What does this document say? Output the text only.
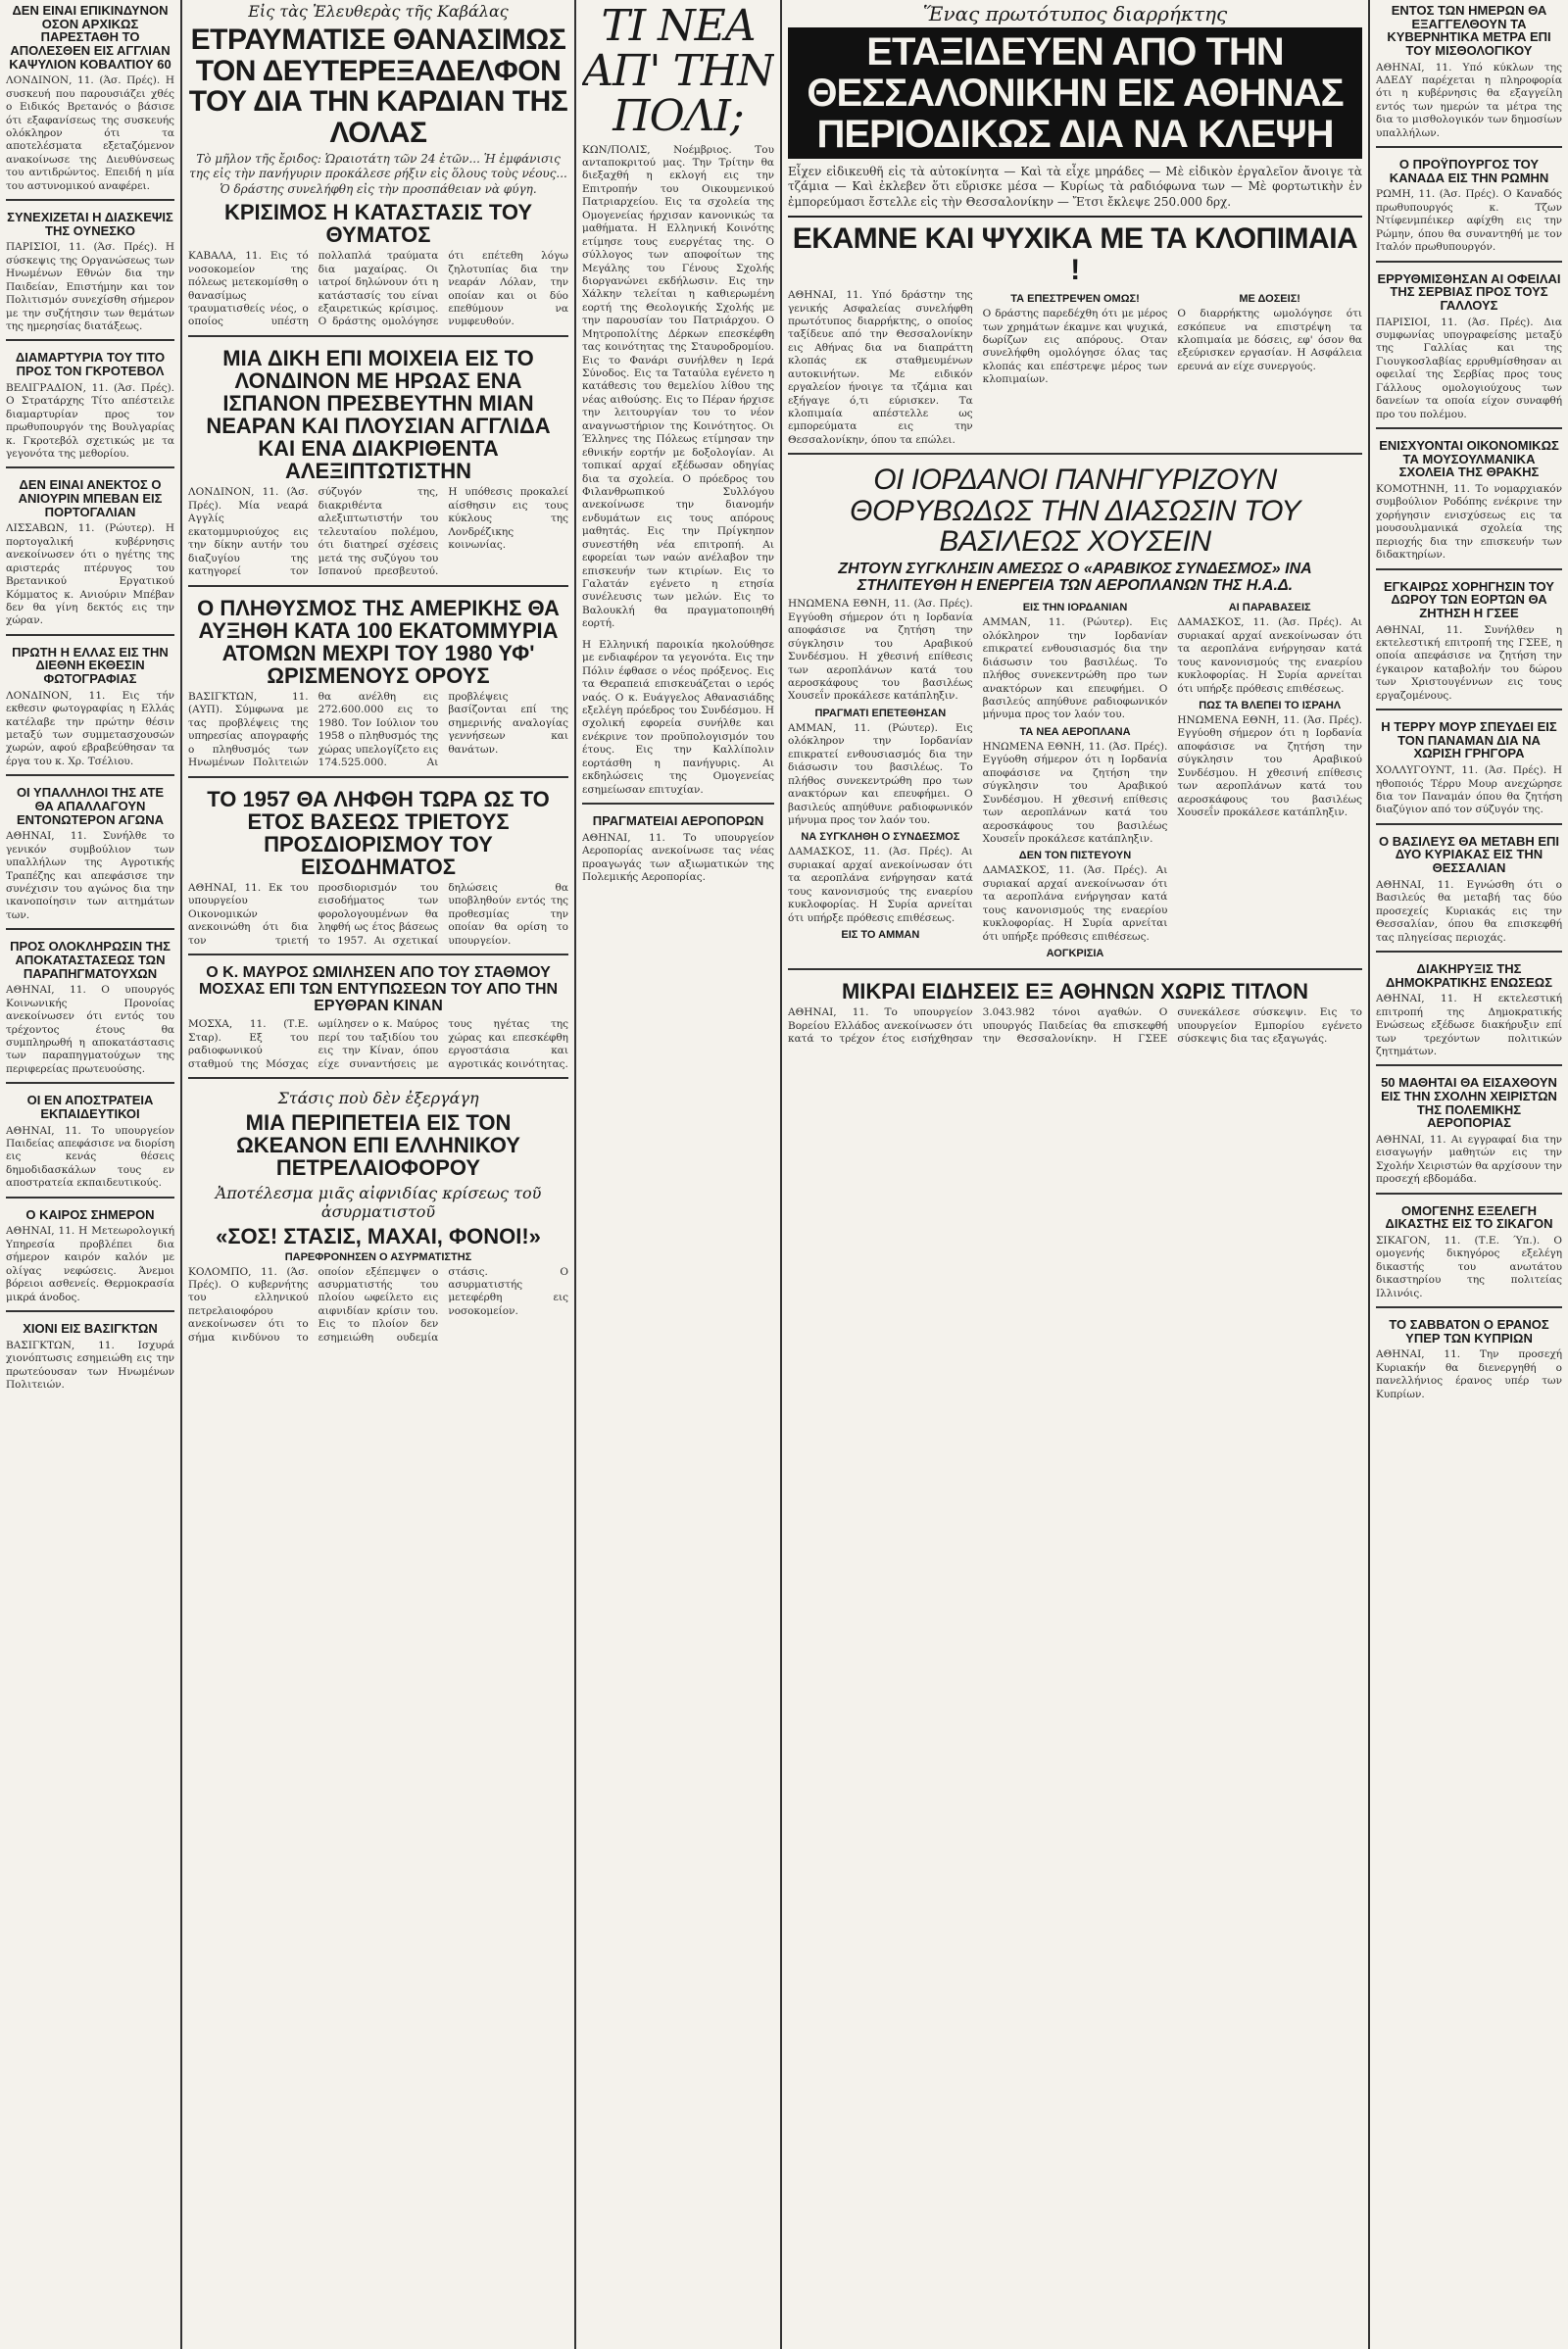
ΔΕΝ ΕΙΝΑΙ ΕΠΙΚΙΝΔΥΝΟΝ ΟΣΟΝ ΑΡΧΙΚΩΣ ΠΑΡΕΣΤΑΘΗ ΤΟ ΑΠΟΛΕΣΘΕΝ ΕΙΣ ΑΓΓΛΙΑΝ ΚΑΨΥΛΙΟΝ ΚΟΒΑΛΤΙΟΥ 60

ΛΟΝΔΙΝΟΝ, 11. (Άσ. Πρές). Η συσκευή που παρουσιάζει χθές ο Ειδικός Βρετανός ο βάσισε ότι εξαφανίσεως της συσκευής ολόκληρον ότι τα αποτελέσματα εξεταζόμενον ανακοίνωσε της Διευθύνσεως του αντιδρώντος. Επειδή η μία του αστυνομικού αναφέρει.

ΣΥΝΕΧΙΖΕΤΑΙ Η ΔΙΑΣΚΕΨΙΣ ΤΗΣ ΟΥΝΕΣΚΟ

ΠΑΡΙΣΙΟΙ, 11. (Άσ. Πρές). Η σύσκεψις της Οργανώσεως των Ηνωμένων Εθνών δια την Παιδείαν, Επιστήμην και τον Πολιτισμόν συνεχίσθη σήμερον με την συζήτησιν των θεμάτων της ημερησίας διατάξεως.

ΔΙΑΜΑΡΤΥΡΙΑ ΤΟΥ ΤΙΤΟ ΠΡΟΣ ΤΟΝ ΓΚΡΟΤΕΒΟΛ

ΒΕΛΙΓΡΑΔΙΟΝ, 11. (Άσ. Πρές). Ο Στρατάρχης Τίτο απέστειλε διαμαρτυρίαν προς τον πρωθυπουργόν της Βουλγαρίας κ. Γκροτεβόλ σχετικώς με τα γεγονότα της μεθορίου.

ΔΕΝ ΕΙΝΑΙ ΑΝΕΚΤΟΣ Ο ΑΝΙΟΥΡΙΝ ΜΠΕΒΑΝ ΕΙΣ ΠΟΡΤΟΓΑΛΙΑΝ

ΛΙΣΣΑΒΩΝ, 11. (Ρώυτερ). Η πορτογαλική κυβέρνησις ανεκοίνωσεν ότι ο ηγέτης της αριστεράς πτέρυγος του Βρετανικού Εργατικού Κόμματος κ. Ανιούριν Μπέβαν δεν θα γίνη δεκτός εις την χώραν.

ΠΡΩΤΗ Η ΕΛΛΑΣ ΕΙΣ ΤΗΝ ΔΙΕΘΝΗ ΕΚΘΕΣΙΝ ΦΩΤΟΓΡΑΦΙΑΣ

ΛΟΝΔΙΝΟΝ, 11. Εις τήν εκθεσιν φωτογραφίας η Ελλάς κατέλαβε την πρώτην θέσιν μεταξύ των συμμετασχουσών χωρών, αφού εβραβεύθησαν τα έργα του κ. Χρ. Τσέλιου.

ΟΙ ΥΠΑΛΛΗΛΟΙ ΤΗΣ ΑΤΕ ΘΑ ΑΠΑΛΛΑΓΟΥΝ ΕΝΤΟΝΩΤΕΡΟΝ ΑΓΩΝΑ

ΑΘΗΝΑΙ, 11. Συνήλθε το γενικόν συμβούλιον των υπαλλήλων της Αγροτικής Τραπέζης και απεφάσισε την συνέχισιν του αγώνος δια την ικανοποίησιν των αιτημάτων των.

ΠΡΟΣ ΟΛΟΚΛΗΡΩΣΙΝ ΤΗΣ ΑΠΟΚΑΤΑΣΤΑΣΕΩΣ ΤΩΝ ΠΑΡΑΠΗΓΜΑΤΟΥΧΩΝ

ΑΘΗΝΑΙ, 11. Ο υπουργός Κοινωνικής Προνοίας ανεκοίνωσεν ότι εντός του τρέχοντος έτους θα συμπληρωθή η αποκατάστασις των παραπηγματούχων της περιφερείας πρωτευούσης.

ΟΙ ΕΝ ΑΠΟΣΤΡΑΤΕΙΑ ΕΚΠΑΙΔΕΥΤΙΚΟΙ

ΑΘΗΝΑΙ, 11. Το υπουργείον Παιδείας απεφάσισε να διορίση εις κενάς θέσεις δημοδιδασκάλων τους εν αποστρατεία εκπαιδευτικούς.

Ο ΚΑΙΡΟΣ ΣΗΜΕΡΟΝ

ΑΘΗΝΑΙ, 11. Η Μετεωρολογική Υπηρεσία προβλέπει δια σήμερον καιρόν καλόν με ολίγας νεφώσεις. Άνεμοι βόρειοι ασθενείς. Θερμοκρασία μικρά άνοδος.

ΧΙΟΝΙ ΕΙΣ ΒΑΣΙΓΚΤΩΝ

ΒΑΣΙΓΚΤΩΝ, 11. Ισχυρά χιονόπτωσις εσημειώθη εις την πρωτεύουσαν των Ηνωμένων Πολιτειών.

Εἰς τὰς Ἐλευθερὰς τῆς Καβάλας
ΕΤΡΑΥΜΑΤΙΣΕ ΘΑΝΑΣΙΜΩΣ ΤΟΝ ΔΕΥΤΕΡΕΞΑΔΕΛΦΟΝ ΤΟΥ ΔΙΑ ΤΗΝ ΚΑΡΔΙΑΝ ΤΗΣ ΛΟΛΑΣ

Τὸ μῆλον τῆς ἔριδος: Ὡραιοτάτη τῶν 24 ἐτῶν... Ἡ ἐμφάνισις της εἰς τὴν πανήγυριν προκάλεσε ρήξιν εἰς ὅλους τοὺς νέους... Ὁ δράστης συνελήφθη εἰς τὴν προσπάθειαν νὰ φύγη.

ΚΡΙΣΙΜΟΣ Η ΚΑΤΑΣΤΑΣΙΣ ΤΟΥ ΘΥΜΑΤΟΣ

ΚΑΒΑΛΑ, 11. Εις τό νοσοκομείον της πόλεως μετεκομίσθη ο θανασίμως τραυματισθείς νέος, ο οποίος υπέστη πολλαπλά τραύματα δια μαχαίρας. Οι ιατροί δηλώνουν ότι η κατάστασίς του είναι εξαιρετικώς κρίσιμος. Ο δράστης ομολόγησε ότι επέτεθη λόγω ζηλοτυπίας δια την νεαράν Λόλαν, την οποίαν και οι δύο επεθύμουν να νυμφευθούν.

ΜΙΑ ΔΙΚΗ ΕΠΙ ΜΟΙΧΕΙΑ ΕΙΣ ΤΟ ΛΟΝΔΙΝΟΝ ΜΕ ΗΡΩΑΣ ΕΝΑ ΙΣΠΑΝΟΝ ΠΡΕΣΒΕΥΤΗΝ ΜΙΑΝ ΝΕΑΡΑΝ ΚΑΙ ΠΛΟΥΣΙΑΝ ΑΓΓΛΙΔΑ ΚΑΙ ΕΝΑ ΔΙΑΚΡΙΘΕΝΤΑ ΑΛΕΞΙΠΤΩΤΙΣΤΗΝ

ΛΟΝΔΙΝΟΝ, 11. (Άσ. Πρές). Μία νεαρά Αγγλίς εκατομμυριούχος εις την δίκην αυτήν του διαζυγίου της κατηγορεί τον σύζυγόν της, διακριθέντα αλεξιπτωτιστήν του τελευταίου πολέμου, ότι διατηρεί σχέσεις μετά της συζύγου του Ισπανού πρεσβευτού. Η υπόθεσις προκαλεί αίσθησιν εις τους κύκλους της Λονδρέζικης κοινωνίας.

Ο ΠΛΗΘΥΣΜΟΣ ΤΗΣ ΑΜΕΡΙΚΗΣ ΘΑ ΑΥΞΗΘΗ ΚΑΤΑ 100 ΕΚΑΤΟΜΜΥΡΙΑ ΑΤΟΜΩΝ ΜΕΧΡΙ ΤΟΥ 1980 ΥΦ' ΩΡΙΣΜΕΝΟΥΣ ΟΡΟΥΣ

ΒΑΣΙΓΚΤΩΝ, 11. (ΑΥΠ). Σύμφωνα με τας προβλέψεις της υπηρεσίας απογραφής ο πληθυσμός των Ηνωμένων Πολιτειών θα ανέλθη εις 272.600.000 εις το 1980. Τον Ιούλιον του 1958 ο πληθυσμός της χώρας υπελογίζετο εις 174.525.000. Αι προβλέψεις βασίζονται επί της σημερινής αναλογίας γεννήσεων και θανάτων.

ΤΟ 1957 ΘΑ ΛΗΦΘΗ ΤΩΡΑ ΩΣ ΤΟ ΕΤΟΣ ΒΑΣΕΩΣ ΤΡΙΕΤΟΥΣ ΠΡΟΣΔΙΟΡΙΣΜΟΥ ΤΟΥ ΕΙΣΟΔΗΜΑΤΟΣ

ΑΘΗΝΑΙ, 11. Εκ του υπουργείου Οικονομικών ανεκοινώθη ότι δια τον τριετή προσδιορισμόν του εισοδήματος των φορολογουμένων θα ληφθή ως έτος βάσεως το 1957. Αι σχετικαί δηλώσεις θα υποβληθούν εντός της προθεσμίας την οποίαν θα ορίση το υπουργείον.

Ο Κ. ΜΑΥΡΟΣ ΩΜΙΛΗΣΕΝ ΑΠΟ ΤΟΥ ΣΤΑΘΜΟΥ ΜΟΣΧΑΣ ΕΠΙ ΤΩΝ ΕΝΤΥΠΩΣΕΩΝ ΤΟΥ ΑΠΟ ΤΗΝ ΕΡΥΘΡΑΝ ΚΙΝΑΝ

ΜΟΣΧΑ, 11. (Τ.Ε. Σταρ). Εξ του ραδιοφωνικού σταθμού της Μόσχας ωμίλησεν ο κ. Μαύρος περί του ταξιδίου του εις την Κίναν, όπου είχε συναντήσεις με τους ηγέτας της χώρας και επεσκέφθη εργοστάσια και αγροτικάς κοινότητας.

Στάσις ποὺ δὲν ἐξεργάγη
ΜΙΑ ΠΕΡΙΠΕΤΕΙΑ ΕΙΣ ΤΟΝ ΩΚΕΑΝΟΝ ΕΠΙ ΕΛΛΗΝΙΚΟΥ ΠΕΤΡΕΛΑΙΟΦΟΡΟΥ
Ἀποτέλεσμα μιᾶς αἰφνιδίας κρίσεως τοῦ ἀσυρματιστοῦ
«ΣΟΣ! ΣΤΑΣΙΣ, ΜΑΧΑΙ, ΦΟΝΟΙ!»
ΠΑΡΕΦΡΟΝΗΣΕΝ Ο ΑΣΥΡΜΑΤΙΣΤΗΣ

ΚΟΛΟΜΠΟ, 11. (Άσ. Πρές). Ο κυβερνήτης του ελληνικού πετρελαιοφόρου ανεκοίνωσεν ότι το σήμα κινδύνου το οποίον εξέπεμψεν ο ασυρματιστής του πλοίου ωφείλετο εις αιφνιδίαν κρίσιν του. Εις το πλοίον δεν εσημειώθη ουδεμία στάσις. Ο ασυρματιστής μετεφέρθη εις νοσοκομείον.

ΤΙ ΝΕΑ ΑΠ' ΤΗΝ ΠΟΛΙ;

ΚΩΝ/ΠΟΛΙΣ, Νοέμβριος. Του ανταποκριτού μας. Την Τρίτην θα διεξαχθή η εκλογή εις την Επιτροπήν του Οικουμενικού Πατριαρχείου. Εις τα σχολεία της Ομογενείας ήρχισαν κανονικώς τα μαθήματα. Η Ελληνική Κοινότης ετίμησε τους ευεργέτας της. Ο σύλλογος των αποφοίτων της Μεγάλης του Γένους Σχολής διοργανώνει εκδήλωσιν. Εις την Χάλκην τελείται η καθιερωμένη εορτή της Θεολογικής Σχολής με την παρουσίαν του Πατριάρχου. Ο Μητροπολίτης Δέρκων επεσκέφθη τας κοινότητας της Σταυροδρομίου. Εις το Φανάρι συνήλθεν η Ιερά Σύνοδος. Εις τα Ταταύλα εγένετο η κατάθεσις του θεμελίου λίθου της νέας αιθούσης. Εις το Πέραν ήρχισε την λειτουργίαν του το νέον αναγνωστήριον της Κοινότητος. Οι Έλληνες της Πόλεως ετίμησαν την εθνικήν εορτήν με δοξολογίαν. Αι τοπικαί αρχαί εξέδωσαν οδηγίας δια τα σχολεία. Ο πρόεδρος του Φιλανθρωπικού Συλλόγου ανεκοίνωσε την διανομήν ενδυμάτων εις τους απόρους μαθητάς. Εις την Πρίγκηπον συνεστήθη νέα επιτροπή. Αι εφορείαι των ναών ανέλαβον την επισκευήν των κτιρίων. Εις το Γαλατάν εγένετο η ετησία συνέλευσις των μελών. Εις το Βαλουκλή θα πραγματοποιηθή εορτή.

Η Ελληνική παροικία ηκολούθησε με ενδιαφέρον τα γεγονότα. Εις την Πόλιν έφθασε ο νέος πρόξενος. Εις τα Θεραπειά επισκευάζεται ο ιερός ναός. Ο κ. Ευάγγελος Αθανασιάδης εξελέγη πρόεδρος του Συνδέσμου. Η σχολική εφορεία συνήλθε και ενέκρινε τον προϋπολογισμόν του έτους. Εις την Καλλίπολιν εορτάσθη η πανήγυρις. Αι εκδηλώσεις της Ομογενείας εσημείωσαν επιτυχίαν.

ΠΡΑΓΜΑΤΕΙΑΙ ΑΕΡΟΠΟΡΩΝ

ΑΘΗΝΑΙ, 11. Το υπουργείον Αεροπορίας ανεκοίνωσε τας νέας προαγωγάς των αξιωματικών της Πολεμικής Αεροπορίας.

Ἕνας πρωτότυπος διαρρήκτης
ΕΤΑΞΙΔΕΥΕΝ ΑΠΟ ΤΗΝ ΘΕΣΣΑΛΟΝΙΚΗΝ ΕΙΣ ΑΘΗΝΑΣ ΠΕΡΙΟΔΙΚΩΣ ΔΙΑ ΝΑ ΚΛΕΨΗ

Εἶχεν εἰδικευθῆ εἰς τὰ αὐτοκίνητα — Καὶ τὰ εἶχε μηράδες — Μὲ εἰδικὸν ἐργαλεῖον ἄνοιγε τὰ τζάμια — Καὶ ἐκλεβεν ὅτι εὕρισκε μέσα — Κυρίως τὰ ραδιόφωνα των — Μὲ φορτωτικὴν ἐν ἐμπορεύμασι ἔστελλε εἰς τὴν Θεσσαλονίκην — Ἔτσι ἔκλεψε 250.000 δρχ.

ΕΚΑΜΝΕ ΚΑΙ ΨΥΧΙΚΑ ΜΕ ΤΑ ΚΛΟΠΙΜΑΙΑ !

ΑΘΗΝΑΙ, 11. Υπό δράστην της γενικής Ασφαλείας συνελήφθη πρωτότυπος διαρρήκτης, ο οποίος ταξίδευε από την Θεσσαλονίκην εις Αθήνας δια να διαπράττη κλοπάς εκ σταθμευμένων αυτοκινήτων. Με ειδικόν εργαλείον ήνοιγε τα τζάμια και εξήγαγε ό,τι εύρισκεν. Τα κλοπιμαία απέστελλε ως εμπορεύματα εις την Θεσσαλονίκην, όπου τα επώλει.

ΤΑ ΕΠΕΣΤΡΕΨΕΝ ΟΜΩΣ!

Ο δράστης παρεδέχθη ότι με μέρος των χρημάτων έκαμνε και ψυχικά, δωρίζων εις απόρους. Οταν συνελήφθη ομολόγησε όλας τας κλοπάς και επέστρεψε μέρος των κλοπιμαίων.

ΜΕ ΔΟΣΕΙΣ!

Ο διαρρήκτης ωμολόγησε ότι εσκόπευε να επιστρέψη τα κλοπιμαία με δόσεις, εφ' όσον θα εξεύρισκεν εργασίαν. Η Ασφάλεια ερευνά αν είχε συνεργούς.

ΟΙ ΙΟΡΔΑΝΟΙ ΠΑΝΗΓΥΡΙΖΟΥΝ ΘΟΡΥΒΩΔΩΣ ΤΗΝ ΔΙΑΣΩΣΙΝ ΤΟΥ ΒΑΣΙΛΕΩΣ ΧΟΥΣΕΙΝ
ΖΗΤΟΥΝ ΣΥΓΚΛΗΣΙΝ ΑΜΕΣΩΣ Ο «ΑΡΑΒΙΚΟΣ ΣΥΝΔΕΣΜΟΣ» ΙΝΑ ΣΤΗΛΙΤΕΥΘΗ Η ΕΝΕΡΓΕΙΑ ΤΩΝ ΑΕΡΟΠΛΑΝΩΝ ΤΗΣ Η.Α.Δ.

ΗΝΩΜΕΝΑ ΕΘΝΗ, 11. (Άσ. Πρές). Εγγύοθη σήμερον ότι η Ιορδανία αποφάσισε να ζητήση την σύγκλησιν του Αραβικού Συνδέσμου. Η χθεσινή επίθεσις των αεροπλάνων κατά του αεροσκάφους του βασιλέως Χουσεΐν προκάλεσε κατάπληξιν.

ΠΡΑΓΜΑΤΙ ΕΠΕΤΕΘΗΣΑΝ

ΑΜΜΑΝ, 11. (Ρώυτερ). Εις ολόκληρον την Ιορδανίαν επικρατεί ενθουσιασμός δια την διάσωσιν του βασιλέως. Το πλήθος συνεκεντρώθη προ των ανακτόρων και επευφήμει. Ο βασιλεύς απηύθυνε ραδιοφωνικόν μήνυμα προς τον λαόν του.

ΝΑ ΣΥΓΚΛΗΘΗ Ο ΣΥΝΔΕΣΜΟΣ

ΔΑΜΑΣΚΟΣ, 11. (Άσ. Πρές). Αι συριακαί αρχαί ανεκοίνωσαν ότι τα αεροπλάνα ενήργησαν κατά τους κανονισμούς της εναερίου κυκλοφορίας. Η Συρία αρνείται ότι υπήρξε πρόθεσις επιθέσεως.

ΕΙΣ ΤΟ ΑΜΜΑΝ
ΕΙΣ ΤΗΝ ΙΟΡΔΑΝΙΑΝ

ΑΜΜΑΝ, 11. (Ρώυτερ). Εις ολόκληρον την Ιορδανίαν επικρατεί ενθουσιασμός δια την διάσωσιν του βασιλέως. Το πλήθος συνεκεντρώθη προ των ανακτόρων και επευφήμει. Ο βασιλεύς απηύθυνε ραδιοφωνικόν μήνυμα προς τον λαόν του.

ΤΑ ΝΕΑ ΑΕΡΟΠΛΑΝΑ

ΗΝΩΜΕΝΑ ΕΘΝΗ, 11. (Άσ. Πρές). Εγγύοθη σήμερον ότι η Ιορδανία αποφάσισε να ζητήση την σύγκλησιν του Αραβικού Συνδέσμου. Η χθεσινή επίθεσις των αεροπλάνων κατά του αεροσκάφους του βασιλέως Χουσεΐν προκάλεσε κατάπληξιν.

ΔΕΝ ΤΟΝ ΠΙΣΤΕΥΟΥΝ

ΔΑΜΑΣΚΟΣ, 11. (Άσ. Πρές). Αι συριακαί αρχαί ανεκοίνωσαν ότι τα αεροπλάνα ενήργησαν κατά τους κανονισμούς της εναερίου κυκλοφορίας. Η Συρία αρνείται ότι υπήρξε πρόθεσις επιθέσεως.

ΑΟΓΚΡΙΣΙΑ
ΑΙ ΠΑΡΑΒΑΣΕΙΣ

ΔΑΜΑΣΚΟΣ, 11. (Άσ. Πρές). Αι συριακαί αρχαί ανεκοίνωσαν ότι τα αεροπλάνα ενήργησαν κατά τους κανονισμούς της εναερίου κυκλοφορίας. Η Συρία αρνείται ότι υπήρξε πρόθεσις επιθέσεως.

ΠΩΣ ΤΑ ΒΛΕΠΕΙ ΤΟ ΙΣΡΑΗΛ

ΗΝΩΜΕΝΑ ΕΘΝΗ, 11. (Άσ. Πρές). Εγγύοθη σήμερον ότι η Ιορδανία αποφάσισε να ζητήση την σύγκλησιν του Αραβικού Συνδέσμου. Η χθεσινή επίθεσις των αεροπλάνων κατά του αεροσκάφους του βασιλέως Χουσεΐν προκάλεσε κατάπληξιν.

ΜΙΚΡΑΙ ΕΙΔΗΣΕΙΣ ΕΞ ΑΘΗΝΩΝ ΧΩΡΙΣ ΤΙΤΛΟΝ

ΑΘΗΝΑΙ, 11. Το υπουργείον Βορείου Ελλάδος ανεκοίνωσεν ότι κατά το τρέχον έτος εισήχθησαν 3.043.982 τόνοι αγαθών. Ο υπουργός Παιδείας θα επισκεφθή την Θεσσαλονίκην. Η ΓΣΕΕ συνεκάλεσε σύσκεψιν. Εις το υπουργείον Εμπορίου εγένετο σύσκεψις δια τας εξαγωγάς.

ΕΝΤΟΣ ΤΩΝ ΗΜΕΡΩΝ ΘΑ ΕΞΑΓΓΕΛΘΟΥΝ ΤΑ ΚΥΒΕΡΝΗΤΙΚΑ ΜΕΤΡΑ ΕΠΙ ΤΟΥ ΜΙΣΘΟΛΟΓΙΚΟΥ

ΑΘΗΝΑΙ, 11. Υπό κύκλων της ΑΔΕΔΥ παρέχεται η πληροφορία ότι η κυβέρνησις θα εξαγγείλη εντός των ημερών τα μέτρα της δια το μισθολογικόν των δημοσίων υπαλλήλων.

Ο ΠΡΟΫΠΟΥΡΓΟΣ ΤΟΥ ΚΑΝΑΔΑ ΕΙΣ ΤΗΝ ΡΩΜΗΝ

ΡΩΜΗ, 11. (Άσ. Πρές). Ο Καναδός πρωθυπουργός κ. Τζων Ντίφενμπέικερ αφίχθη εις την Ρώμην, όπου θα συναντηθή με τον Ιταλόν πρωθυπουργόν.

ΕΡΡΥΘΜΙΣΘΗΣΑΝ ΑΙ ΟΦΕΙΛΑΙ ΤΗΣ ΣΕΡΒΙΑΣ ΠΡΟΣ ΤΟΥΣ ΓΑΛΛΟΥΣ

ΠΑΡΙΣΙΟΙ, 11. (Άσ. Πρές). Δια συμφωνίας υπογραφείσης μεταξύ της Γαλλίας και της Γιουγκοσλαβίας ερρυθμίσθησαν αι οφειλαί της Σερβίας προς τους Γάλλους ομολογιούχους των δανείων τα οποία είχον συναφθή προ του πολέμου.

ΕΝΙΣΧΥΟΝΤΑΙ ΟΙΚΟΝΟΜΙΚΩΣ ΤΑ ΜΟΥΣΟΥΛΜΑΝΙΚΑ ΣΧΟΛΕΙΑ ΤΗΣ ΘΡΑΚΗΣ

ΚΟΜΟΤΗΝΗ, 11. Το νομαρχιακόν συμβούλιον Ροδόπης ενέκρινε την χορήγησιν ενισχύσεως εις τα μουσουλμανικά σχολεία της περιοχής δια την επισκευήν των διδακτηρίων.

ΕΓΚΑΙΡΩΣ ΧΟΡΗΓΗΣΙΝ ΤΟΥ ΔΩΡΟΥ ΤΩΝ ΕΟΡΤΩΝ ΘΑ ΖΗΤΗΣΗ Η ΓΣΕΕ

ΑΘΗΝΑΙ, 11. Συνήλθεν η εκτελεστική επιτροπή της ΓΣΕΕ, η οποία απεφάσισε να ζητήση την έγκαιρον καταβολήν του δώρου των Χριστουγέννων εις τους εργαζομένους.

Η ΤΕΡΡΥ ΜΟΥΡ ΣΠΕΥΔΕΙ ΕΙΣ ΤΟΝ ΠΑΝΑΜΑΝ ΔΙΑ ΝΑ ΧΩΡΙΣΗ ΓΡΗΓΟΡΑ

ΧΟΛΛΥΓΟΥΝΤ, 11. (Άσ. Πρές). Η ηθοποιός Τέρρυ Μουρ ανεχώρησε δια τον Παναμάν όπου θα ζητήση διαζύγιον από τον σύζυγόν της.

Ο ΒΑΣΙΛΕΥΣ ΘΑ ΜΕΤΑΒΗ ΕΠΙ ΔΥΟ ΚΥΡΙΑΚΑΣ ΕΙΣ ΤΗΝ ΘΕΣΣΑΛΙΑΝ

ΑΘΗΝΑΙ, 11. Εγνώσθη ότι ο Βασιλεύς θα μεταβή τας δύο προσεχείς Κυριακάς εις την Θεσσαλίαν, όπου θα επισκεφθή τας πληγείσας περιοχάς.

ΔΙΑΚΗΡΥΞΙΣ ΤΗΣ ΔΗΜΟΚΡΑΤΙΚΗΣ ΕΝΩΣΕΩΣ

ΑΘΗΝΑΙ, 11. Η εκτελεστική επιτροπή της Δημοκρατικής Ενώσεως εξέδωσε διακήρυξιν επί των τρεχόντων πολιτικών ζητημάτων.

50 ΜΑΘΗΤΑΙ ΘΑ ΕΙΣΑΧΘΟΥΝ ΕΙΣ ΤΗΝ ΣΧΟΛΗΝ ΧΕΙΡΙΣΤΩΝ ΤΗΣ ΠΟΛΕΜΙΚΗΣ ΑΕΡΟΠΟΡΙΑΣ

ΑΘΗΝΑΙ, 11. Αι εγγραφαί δια την εισαγωγήν μαθητών εις την Σχολήν Χειριστών θα αρχίσουν την προσεχή εβδομάδα.

ΟΜΟΓΕΝΗΣ ΕΞΕΛΕΓΗ ΔΙΚΑΣΤΗΣ ΕΙΣ ΤΟ ΣΙΚΑΓΟΝ

ΣΙΚΑΓΟΝ, 11. (Τ.Ε. Ύπ.). Ο ομογενής δικηγόρος εξελέγη δικαστής του ανωτάτου δικαστηρίου της πολιτείας Ιλλινόις.

ΤΟ ΣΑΒΒΑΤΟΝ Ο ΕΡΑΝΟΣ ΥΠΕΡ ΤΩΝ ΚΥΠΡΙΩΝ

ΑΘΗΝΑΙ, 11. Την προσεχή Κυριακήν θα διενεργηθή ο πανελλήνιος έρανος υπέρ των Κυπρίων.
